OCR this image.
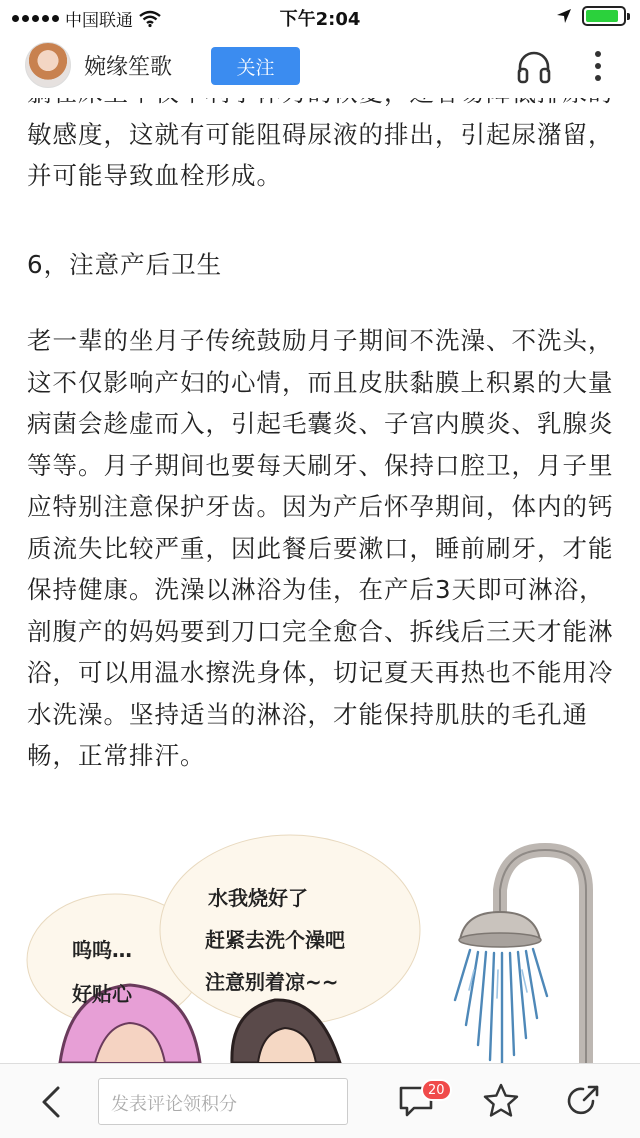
中国联通	下午2:04
婉缘笙歌	关注
敏感度，这就有可能阻碍尿液的排出，引起尿潴留，并可能导致血栓形成。
6，注意产后卫生
老一辈的坐月子传统鼓励月子期间不洗澡、不洗头，这不仅影响产妇的心情，而且皮肤黏膜上积累的大量病菌会趁虚而入，引起毛囊炎、子宫内膜炎、乳腺炎等等。月子期间也要每天刷牙、保持口腔卫，月子里应特别注意保护牙齿。因为产后怀孕期间，体内的钙质流失比较严重，因此餐后要漱口，睡前刷牙，才能保持健康。洗澡以淋浴为佳，在产后3天即可淋浴，剖腹产的妈妈要到刀口完全愈合、拆线后三天才能淋浴，可以用温水擦洗身体，切记夏天再热也不能用冷水洗澡。坚持适当的淋浴，才能保持肌肤的毛孔通畅，正常排汗。
呜呜…
好贴心
水我烧好了
赶紧去洗个澡吧
注意别着凉~~
发表评论领积分
20
